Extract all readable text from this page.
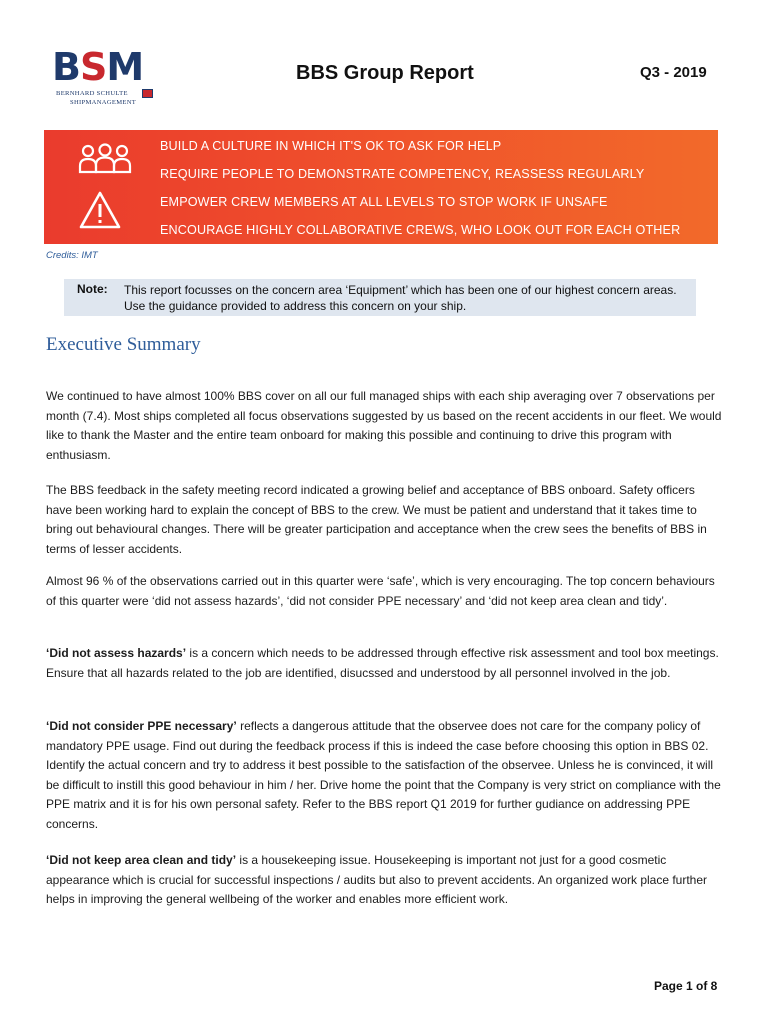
BSM
BERNHARD SCHULTE
SHIPMANAGEMENT
BBS Group Report	Q3 - 2019
BUILD A CULTURE IN WHICH IT'S OK TO ASK FOR HELP
REQUIRE PEOPLE TO DEMONSTRATE COMPETENCY, REASSESS REGULARLY
EMPOWER CREW MEMBERS AT ALL LEVELS TO STOP WORK IF UNSAFE
ENCOURAGE HIGHLY COLLABORATIVE CREWS, WHO LOOK OUT FOR EACH OTHER
Credits: IMT
Note: This report focusses on the concern area ‘Equipment’ which has been one of our highest concern areas. Use the guidance provided to address this concern on your ship.
Executive Summary
We continued to have almost 100% BBS cover on all our full managed ships with each ship averaging over 7 observations per month (7.4). Most ships completed all focus observations suggested by us based on the recent accidents in our fleet. We would like to thank the Master and the entire team onboard for making this possible and continuing to drive this program with enthusiasm.
The BBS feedback in the safety meeting record indicated a growing belief and acceptance of BBS onboard. Safety officers have been working hard to explain the concept of BBS to the crew. We must be patient and understand that it takes time to bring out behavioural changes. There will be greater participation and acceptance when the crew sees the benefits of BBS in terms of lesser accidents.
Almost 96 % of the observations carried out in this quarter were ‘safe’, which is very encouraging. The top concern behaviours of this quarter were ‘did not assess hazards’, ‘did not consider PPE necessary’ and ‘did not keep area clean and tidy’.
‘Did not assess hazards’ is a concern which needs to be addressed through effective risk assessment and tool box meetings. Ensure that all hazards related to the job are identified, disucssed and understood by all personnel involved in the job.
‘Did not consider PPE necessary’ reflects a dangerous attitude that the observee does not care for the company policy of mandatory PPE usage. Find out during the feedback process if this is indeed the case before choosing this option in BBS 02. Identify the actual concern and try to address it best possible to the satisfaction of the observee. Unless he is convinced, it will be difficult to instill this good behaviour in him / her. Drive home the point that the Company is very strict on compliance with the PPE matrix and it is for his own personal safety. Refer to the BBS report Q1 2019 for further gudiance on addressing PPE concerns.
‘Did not keep area clean and tidy’ is a housekeeping issue. Housekeeping is important not just for a good cosmetic appearance which is crucial for successful inspections / audits but also to prevent accidents. An organized work place further helps in improving the general wellbeing of the worker and enables more efficient work.
Page 1 of 8
